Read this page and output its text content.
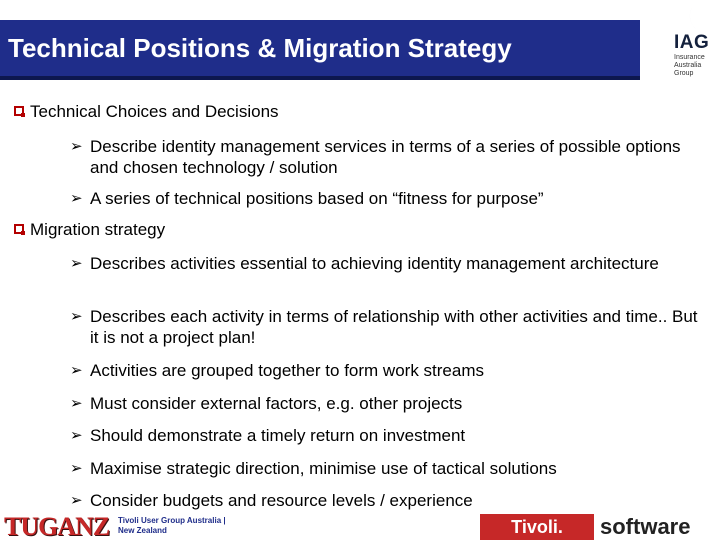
Technical Positions & Migration Strategy	IAG
Insurance Australia Group
Technical Choices and Decisions
➢ Describe identity management services in terms of a series of possible options and chosen technology / solution
➢ A series of technical positions based on “fitness for purpose”
Migration strategy
➢ Describes activities essential to achieving identity management architecture
➢ Describes each activity in terms of relationship with other activities and time.. But it is not a project plan!
➢ Activities are grouped together to form work streams
➢ Must consider external factors, e.g. other projects
➢ Should demonstrate a timely return on investment
➢ Maximise strategic direction, minimise use of tactical solutions
➢ Consider budgets and resource levels / experience
TUGANZ Tivoli User Group Australia | New Zealand	Tivoli.	software
